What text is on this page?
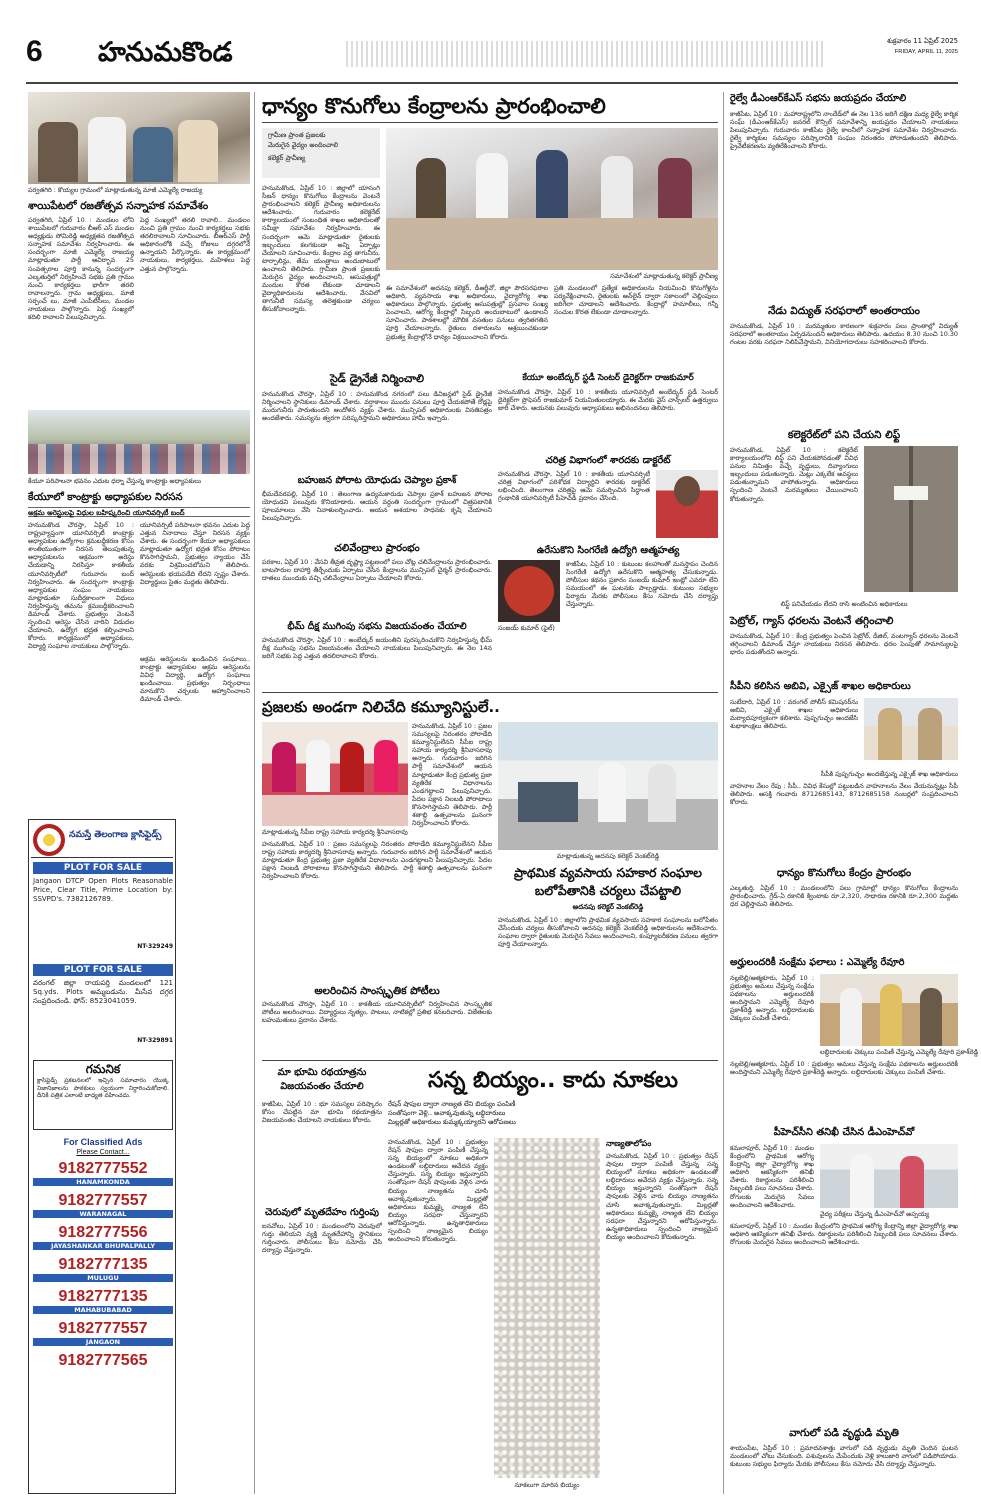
6	హనుమకొండ	శుక్రవారం 11 ఏప్రిల్ 2025
FRIDAY, APRIL 11, 2025
పర్వతగిరి : కొయ్యల గ్రామంలో మాట్లాడుతున్న మాజీ ఎమ్మెల్యే రాజయ్య
శాయిపేటలో రజతోత్సవ సన్నాహక సమావేశం
పర్వతగిరి, ఏప్రిల్ 10 : మండలం లోని శాయిపేటలో గురువారం బీఆర్ ఎస్ మండల అధ్యక్షుడు సోమిరెడ్డి అధ్యక్షతన రజతోత్సవ సన్నాహక సమావేశం నిర్వహించారు. ఈ సందర్భంగా మాజీ ఎమ్మెల్యే రాజయ్య మాట్లాడుతూ పార్టీ ఆవిర్భావ 25 సంవత్సరాల పూర్తి కానున్న సందర్భంగా ఎల్కతుర్తిలో నిర్వహించే సభకు ప్రతి గ్రామం నుంచి కార్యకర్తలు భారీగా తరలి రావాలన్నారు. గ్రామ అధ్యక్షులు, మాజీ సర్పంచ్ లు, మాజీ ఎంపీటీసీలు, మండల నాయకులు పాల్గొన్నారు. పెద్ద సంఖ్యలో కదిలి రావాలని పిలుపునిచ్చారు.
పెద్ద సంఖ్యలో తరలి రావాలి.. మండలం నుంచి ప్రతి గ్రామం నుంచి కార్యకర్తలు సభకు తరలిరావాలని సూచించారు. బీఆర్ఎస్ పార్టీ అధికారంలోకి వచ్చే రోజులు దగ్గరలోనే ఉన్నాయని పేర్కొన్నారు. ఈ కార్యక్రమంలో నాయకులు, కార్యకర్తలు, మహిళలు పెద్ద ఎత్తున పాల్గొన్నారు.
కేయూ పరిపాలనా భవనం ఎదుట ధర్నా చేస్తున్న కాంట్రాక్టు అధ్యాపకులు
కేయూలో కాంట్రాక్టు అధ్యాపకుల నిరసన
అక్రమ అరెస్టులపై విధుల బహిష్కరించి యూనివర్సిటీ బంద్
హనుమకొండ చౌరస్తా, ఏప్రిల్ 10 : రాష్ట్రవ్యాప్తంగా యూనివర్సిటీ కాంట్రాక్టు అధ్యాపకుల ఉద్యోగాల క్రమబద్ధీకరణ కోసం శాంతియుతంగా నిరసన తెలుపుతున్న అధ్యాపకులను అక్రమంగా అరెస్టు చేయడాన్ని నిరసిస్తూ కాకతీయ యూనివర్సిటీలో గురువారం బంద్ నిర్వహించారు. ఈ సందర్భంగా కాంట్రాక్టు అధ్యాపకుల సంఘం నాయకులు మాట్లాడుతూ సుదీర్ఘకాలంగా విధులు నిర్వహిస్తున్న తమను క్రమబద్ధీకరించాలని డిమాండ్ చేశారు. ప్రభుత్వం వెంటనే స్పందించి అరెస్టు చేసిన వారిని విడుదల చేయాలని, ఉద్యోగ భద్రత కల్పించాలని కోరారు. కార్యక్రమంలో అధ్యాపకులు, విద్యార్థి సంఘాల నాయకులు పాల్గొన్నారు.
యూనివర్సిటీ పరిపాలనా భవనం ఎదుట పెద్ద ఎత్తున నినాదాలు చేస్తూ నిరసన వ్యక్తం చేశారు. ఈ సందర్భంగా కేయూ అధ్యాపకులు మాట్లాడుతూ ఉద్యోగ భద్రత కోసం పోరాటం కొనసాగిస్తామని, ప్రభుత్వం న్యాయం చేసే వరకు విశ్రమించబోమని తెలిపారు. అరెస్టులకు భయపడేది లేదని స్పష్టం చేశారు. విద్యార్థులు సైతం మద్దతు తెలిపారు.
అక్రమ అరెస్టులను ఖండించిన సంఘాలు.. కాంట్రాక్టు అధ్యాపకుల అక్రమ అరెస్టులను వివిధ విద్యార్థి, ఉద్యోగ సంఘాలు ఖండించాయి. ప్రభుత్వం నిర్బంధాలు మానుకొని చర్చలకు ఆహ్వానించాలని డిమాండ్ చేశారు.
నమస్తే తెలంగాణ క్లాసిఫైడ్స్
PLOT FOR SALE
Jangaon DTCP Open Plots Reasonable Price, Clear Title, Prime Location by: SSVPD's. 7382126789.
NT-329249
PLOT FOR SALE
వరంగల్ జిల్లా రాయపర్తి మండలంలో 121 Sq.yds. Plots అమ్మబడును. మీసేవ దగ్గర సంప్రదించండి. ఫోన్: 8523041059.
NT-329891
గమనిక
క్లాసిఫైడ్స్ ప్రకటనలలో ఇచ్చిన సమాచారం యొక్క నిజానిజాలను పాఠకులు స్వయంగా నిర్ధారించుకోవాలి. దీనికి పత్రిక ఎలాంటి బాధ్యత వహించదు.
For Classified Ads
Please Contact...
9182777552
HANAMKONDA
9182777557
WARANAGAL
9182777556
JAYASHANKAR BHUPALPALLY
9182777135
MULUGU
9182777135
MAHABUBABAD
9182777557
JANGAON
9182777565
ధాన్యం కొనుగోలు కేంద్రాలను ప్రారంభించాలి
గ్రామీణ ప్రాంత ప్రజలకు
మెరుగైన వైద్యం అందించాలి
కలెక్టర్ ప్రావీణ్య
హనుమకొండ, ఏప్రిల్ 10 : జిల్లాలో యాసంగి సీజన్ ధాన్యం కొనుగోలు కేంద్రాలను వెంటనే ప్రారంభించాలని కలెక్టర్ ప్రావీణ్య అధికారులను ఆదేశించారు. గురువారం కలెక్టరేట్ కార్యాలయంలో సంబంధిత శాఖల అధికారులతో సమీక్షా సమావేశం నిర్వహించారు. ఈ సందర్భంగా ఆమె మాట్లాడుతూ రైతులకు ఇబ్బందులు కలగకుండా అన్ని ఏర్పాట్లు చేయాలని సూచించారు. కేంద్రాల వద్ద తాగునీరు, టార్పాలిన్లు, తేమ యంత్రాలు అందుబాటులో ఉంచాలని తెలిపారు. గ్రామీణ ప్రాంత ప్రజలకు మెరుగైన వైద్యం అందించాలని, ఆసుపత్రుల్లో మందుల కొరత లేకుండా చూడాలని వైద్యాధికారులను ఆదేశించారు. వేసవిలో తాగునీటి సమస్య తలెత్తకుండా చర్యలు తీసుకోవాలన్నారు.
సమావేశంలో మాట్లాడుతున్న కలెక్టర్ ప్రావీణ్య
ఈ సమావేశంలో అదనపు కలెక్టర్, డీఆర్డీవో, జిల్లా పౌరసరఫరాల అధికారి, వ్యవసాయ శాఖ అధికారులు, వైద్యారోగ్య శాఖ అధికారులు పాల్గొన్నారు. ప్రభుత్వ ఆసుపత్రుల్లో ప్రసవాల సంఖ్య పెంచాలని, ఆరోగ్య కేంద్రాల్లో సిబ్బంది అందుబాటులో ఉండాలని సూచించారు. పాఠశాలల్లో మౌలిక వసతుల పనులు త్వరితగతిన పూర్తి చేయాలన్నారు. రైతులు దళారులను ఆశ్రయించకుండా ప్రభుత్వ కేంద్రాల్లోనే ధాన్యం విక్రయించాలని కోరారు.
ప్రతి మండలంలో ప్రత్యేక అధికారులను నియమించి కొనుగోళ్లను పర్యవేక్షించాలని, రైతులకు ఆన్‌లైన్ ద్వారా సకాలంలో చెల్లింపులు జరిగేలా చూడాలని ఆదేశించారు. కేంద్రాల్లో హమాలీలు, గన్నీ సంచుల కొరత లేకుండా చూడాలన్నారు.
సైడ్ డ్రైనేజీ నిర్మించాలి
హనుమకొండ చౌరస్తా, ఏప్రిల్ 10 : హనుమకొండ నగరంలో పలు డివిజన్లలో సైడ్ డ్రైనేజీ నిర్మించాలని స్థానికులు డిమాండ్ చేశారు. వర్షాకాలం ముందు పనులు పూర్తి చేయకపోతే రోడ్లపై మురుగునీరు పారుతుందని ఆందోళన వ్యక్తం చేశారు. మున్సిపల్ అధికారులకు వినతిపత్రం అందజేశారు. సమస్యను త్వరగా పరిష్కరిస్తామని అధికారులు హామీ ఇచ్చారు.
బహుజన పోరాట యోధుడు చెప్యాల ప్రకాశ్
భీమదేవరపల్లి, ఏప్రిల్ 10 : తెలంగాణ ఉద్యమకారుడు చెప్యాల ప్రకాశ్ బహుజన పోరాట యోధుడని పలువురు కొనియాడారు. ఆయన వర్ధంతి సందర్భంగా గ్రామంలో చిత్రపటానికి పూలమాలలు వేసి నివాళులర్పించారు. ఆయన ఆశయాల సాధనకు కృషి చేయాలని పిలుపునిచ్చారు.
చలివేంద్రాలు ప్రారంభం
పరకాల, ఏప్రిల్ 10 : వేసవి తీవ్రత దృష్ట్యా పట్టణంలో పలు చోట్ల చలివేంద్రాలను ప్రారంభించారు. బాటసారుల దాహార్తి తీర్చేందుకు ఏర్పాటు చేసిన కేంద్రాలను మున్సిపల్ చైర్మన్ ప్రారంభించారు. దాతలు ముందుకు వచ్చి చలివేంద్రాలు ఏర్పాటు చేయాలని కోరారు.
భీమ్ దీక్ష ముగింపు సభను విజయవంతం చేయాలి
హనుమకొండ చౌరస్తా, ఏప్రిల్ 10 : అంబేద్కర్ జయంతిని పురస్కరించుకొని నిర్వహిస్తున్న భీమ్ దీక్ష ముగింపు సభను విజయవంతం చేయాలని నాయకులు పిలుపునిచ్చారు. ఈ నెల 14న జరిగే సభకు పెద్ద ఎత్తున తరలిరావాలని కోరారు.
కేయూ అంబేద్కర్ స్టడీ సెంటర్ డైరెక్టర్‌గా రాజకుమార్
హనుమకొండ చౌరస్తా, ఏప్రిల్ 10 : కాకతీయ యూనివర్సిటీ అంబేద్కర్ స్టడీ సెంటర్ డైరెక్టర్‌గా ప్రొఫెసర్ రాజకుమార్ నియమితులయ్యారు. ఈ మేరకు వైస్ చాన్స్‌లర్ ఉత్తర్వులు జారీ చేశారు. ఆయనకు పలువురు అధ్యాపకులు అభినందనలు తెలిపారు.
చరిత్ర విభాగంలో శారదకు డాక్టరేట్
హనుమకొండ చౌరస్తా, ఏప్రిల్ 10 : కాకతీయ యూనివర్సిటీ చరిత్ర విభాగంలో పరిశోధక విద్యార్థిని శారదకు డాక్టరేట్ లభించింది. తెలంగాణ చరిత్రపై ఆమె సమర్పించిన సిద్ధాంత గ్రంథానికి యూనివర్సిటీ పీహెచ్‌డీ ప్రదానం చేసింది.
ఉరేసుకొని సింగరేణి ఉద్యోగి ఆత్మహత్య
సంజయ్ కుమార్ (ఫైల్)
కాజీపేట, ఏప్రిల్ 10 : కుటుంబ కలహాలతో మనస్తాపం చెందిన సింగరేణి ఉద్యోగి ఉరేసుకొని ఆత్మహత్య చేసుకున్నాడు. పోలీసుల కథనం ప్రకారం సంజయ్ కుమార్ ఇంట్లో ఎవరూ లేని సమయంలో ఈ ఘటనకు పాల్పడ్డాడు. కుటుంబ సభ్యుల ఫిర్యాదు మేరకు పోలీసులు కేసు నమోదు చేసి దర్యాప్తు చేస్తున్నారు.
ప్రజలకు అండగా నిలిచేది కమ్యూనిస్టులే..
మాట్లాడుతున్న సీపీఐ రాష్ట్ర సహాయ కార్యదర్శి శ్రీనివాసరావు
హనుమకొండ, ఏప్రిల్ 10 : ప్రజల సమస్యలపై నిరంతరం పోరాడేది కమ్యూనిస్టులేనని సీపీఐ రాష్ట్ర సహాయ కార్యదర్శి శ్రీనివాసరావు అన్నారు. గురువారం జరిగిన పార్టీ సమావేశంలో ఆయన మాట్లాడుతూ కేంద్ర ప్రభుత్వ ప్రజా వ్యతిరేక విధానాలను ఎండగట్టాలని పిలుపునిచ్చారు. పేదల పక్షాన నిలబడి పోరాటాలు కొనసాగిస్తామని తెలిపారు. పార్టీ శతాబ్ది ఉత్సవాలను ఘనంగా నిర్వహించాలని కోరారు.
హనుమకొండ, ఏప్రిల్ 10 : ప్రజల సమస్యలపై నిరంతరం పోరాడేది కమ్యూనిస్టులేనని సీపీఐ రాష్ట్ర సహాయ కార్యదర్శి శ్రీనివాసరావు అన్నారు. గురువారం జరిగిన పార్టీ సమావేశంలో ఆయన మాట్లాడుతూ కేంద్ర ప్రభుత్వ ప్రజా వ్యతిరేక విధానాలను ఎండగట్టాలని పిలుపునిచ్చారు. పేదల పక్షాన నిలబడి పోరాటాలు కొనసాగిస్తామని తెలిపారు. పార్టీ శతాబ్ది ఉత్సవాలను ఘనంగా నిర్వహించాలని కోరారు.
అలరించిన సాంస్కృతిక పోటీలు
హనుమకొండ చౌరస్తా, ఏప్రిల్ 10 : కాకతీయ యూనివర్సిటీలో నిర్వహించిన సాంస్కృతిక పోటీలు అలరించాయి. విద్యార్థులు నృత్యం, పాటలు, నాటికల్లో ప్రతిభ కనబరిచారు. విజేతలకు బహుమతులు ప్రదానం చేశారు.
మాట్లాడుతున్న అదనపు కలెక్టర్ వెంకట్‌రెడ్డి
ప్రాథమిక వ్యవసాయ సహకార సంఘాల బలోపేతానికి చర్యలు చేపట్టాలి
అదనపు కలెక్టర్ వెంకట్‌రెడ్డి
హనుమకొండ, ఏప్రిల్ 10 : జిల్లాలోని ప్రాథమిక వ్యవసాయ సహకార సంఘాలను బలోపేతం చేసేందుకు చర్యలు తీసుకోవాలని అదనపు కలెక్టర్ వెంకట్‌రెడ్డి అధికారులను ఆదేశించారు. సంఘాల ద్వారా రైతులకు మెరుగైన సేవలు అందించాలని, కంప్యూటరీకరణ పనులు త్వరగా పూర్తి చేయాలన్నారు.
మా భూమి రథయాత్రను విజయవంతం చేయాలి
కాజీపేట, ఏప్రిల్ 10 : భూ సమస్యల పరిష్కారం కోసం చేపట్టిన మా భూమి రథయాత్రను విజయవంతం చేయాలని నాయకులు కోరారు.
చెరువులో మృతదేహం గుర్తింపు
ఐనవోలు, ఏప్రిల్ 10 : మండలంలోని చెరువులో గుర్తు తెలియని వ్యక్తి మృతదేహాన్ని స్థానికులు గుర్తించారు. పోలీసులు కేసు నమోదు చేసి దర్యాప్తు చేస్తున్నారు.
సన్న బియ్యం.. కాదు నూకలు
రేషన్ షాపుల ద్వారా నాణ్యత లేని బియ్యం పంపిణీ
సంతోషంగా వెళ్లి.. అవాక్కవుతున్న లబ్ధిదారులు
మిల్లర్లతో అధికారులు కుమ్మక్కయ్యారని ఆరోపణలు
హనుమకొండ, ఏప్రిల్ 10 : ప్రభుత్వం రేషన్ షాపుల ద్వారా పంపిణీ చేస్తున్న సన్న బియ్యంలో నూకలు అధికంగా ఉండటంతో లబ్ధిదారులు ఆవేదన వ్యక్తం చేస్తున్నారు. సన్న బియ్యం ఇస్తున్నారని సంతోషంగా రేషన్ షాపులకు వెళ్లిన వారు బియ్యం నాణ్యతను చూసి అవాక్కవుతున్నారు. మిల్లర్లతో అధికారులు కుమ్మక్కై నాణ్యత లేని బియ్యం సరఫరా చేస్తున్నారని ఆరోపిస్తున్నారు. ఉన్నతాధికారులు స్పందించి నాణ్యమైన బియ్యం అందించాలని కోరుతున్నారు.
నూకలుగా మారిన బియ్యం
నాణ్యతాలోపం
హనుమకొండ, ఏప్రిల్ 10 : ప్రభుత్వం రేషన్ షాపుల ద్వారా పంపిణీ చేస్తున్న సన్న బియ్యంలో నూకలు అధికంగా ఉండటంతో లబ్ధిదారులు ఆవేదన వ్యక్తం చేస్తున్నారు. సన్న బియ్యం ఇస్తున్నారని సంతోషంగా రేషన్ షాపులకు వెళ్లిన వారు బియ్యం నాణ్యతను చూసి అవాక్కవుతున్నారు. మిల్లర్లతో అధికారులు కుమ్మక్కై నాణ్యత లేని బియ్యం సరఫరా చేస్తున్నారని ఆరోపిస్తున్నారు. ఉన్నతాధికారులు స్పందించి నాణ్యమైన బియ్యం అందించాలని కోరుతున్నారు.
రైల్వే డీఎంఆర్‌కేఎస్ సభను జయప్రదం చేయాలి
కాజీపేట, ఏప్రిల్ 10 : మహారాష్ట్రలోని నాందేడ్‌లో ఈ నెల 13న జరిగే దక్షిణ మధ్య రైల్వే కార్మిక సంఘ్ (డీఎంఆర్‌కేఎస్) జనరల్ కౌన్సిల్ సమావేశాన్ని జయప్రదం చేయాలని నాయకులు పిలుపునిచ్చారు. గురువారం కాజీపేట రైల్వే కాలనీలో సన్నాహక సమావేశం నిర్వహించారు. రైల్వే కార్మికుల సమస్యల పరిష్కారానికి సంఘం నిరంతరం పోరాడుతుందని తెలిపారు. ప్రైవేటీకరణను వ్యతిరేకించాలని కోరారు.
నేడు విద్యుత్ సరఫరాలో అంతరాయం
హనుమకొండ, ఏప్రిల్ 10 : మరమ్మతుల కారణంగా శుక్రవారం పలు ప్రాంతాల్లో విద్యుత్ సరఫరాలో అంతరాయం ఏర్పడనుందని అధికారులు తెలిపారు. ఉదయం 8.30 నుంచి 10.30 గంటల వరకు సరఫరా నిలిపివేస్తామని, వినియోగదారులు సహకరించాలని కోరారు.
కలెక్టరేట్‌లో పని చేయని లిఫ్ట్
హనుమకొండ, ఏప్రిల్ 10 : కలెక్టరేట్ కార్యాలయంలోని లిఫ్ట్ పని చేయకపోవడంతో వివిధ పనుల నిమిత్తం వచ్చే వృద్ధులు, దివ్యాంగులు ఇబ్బందులు పడుతున్నారు. మెట్లు ఎక్కలేక అవస్థలు పడుతున్నామని వాపోతున్నారు. అధికారులు స్పందించి వెంటనే మరమ్మతులు చేయించాలని కోరుతున్నారు.
లిఫ్ట్ పనిచేయడం లేదని రాసి అంటించిన అధికారులు
పెట్రోల్, గ్యాస్ ధరలను వెంటనే తగ్గించాలి
హనుమకొండ, ఏప్రిల్ 10 : కేంద్ర ప్రభుత్వం పెంచిన పెట్రోల్, డీజిల్, వంటగ్యాస్ ధరలను వెంటనే తగ్గించాలని డిమాండ్ చేస్తూ నాయకులు నిరసన తెలిపారు. ధరల పెంపుతో సామాన్యులపై భారం పడుతోందని అన్నారు.
సీపీని కలిసిన అబివి, ఎక్సైజ్ శాఖల అధికారులు
సుబేదారి, ఏప్రిల్ 10 : వరంగల్ పోలీస్ కమిషనర్‌ను అబివి, ఎక్సైజ్ శాఖల అధికారులు మర్యాదపూర్వకంగా కలిశారు. పుష్పగుచ్ఛం అందజేసి శుభాకాంక్షలు తెలిపారు.
సీపీకి పుష్పగుచ్ఛం అందజేస్తున్న ఎక్సైజ్ శాఖ అధికారులు
వాహనాల వేలం రేపు : సీపీ.. వివిధ కేసుల్లో పట్టుబడిన వాహనాలను వేలం వేయనున్నట్లు సీపీ తెలిపారు. ఆసక్తి గలవారు 8712685143, 8712685158 నంబర్లలో సంప్రదించాలని కోరారు.
ధాన్యం కొనుగోలు కేంద్రం ప్రారంభం
ఎల్కతుర్తి, ఏప్రిల్ 10 : మండలంలోని పలు గ్రామాల్లో ధాన్యం కొనుగోలు కేంద్రాలను ప్రారంభించారు. గ్రేడ్-ఏ రకానికి క్వింటాకు రూ.2,320, సాధారణ రకానికి రూ.2,300 మద్దతు ధర చెల్లిస్తామని తెలిపారు.
అర్హులందరికీ సంక్షేమ ఫలాలు : ఎమ్మెల్యే రేవూరి
నల్లబెల్లి/ఆత్మకూరు, ఏప్రిల్ 10 : ప్రభుత్వం అమలు చేస్తున్న సంక్షేమ పథకాలను అర్హులందరికీ అందిస్తామని ఎమ్మెల్యే రేవూరి ప్రకాశ్‌రెడ్డి అన్నారు. లబ్ధిదారులకు చెక్కులు పంపిణీ చేశారు.
లబ్ధిదారులకు చెక్కులు పంపిణీ చేస్తున్న ఎమ్మెల్యే రేవూరి ప్రకాశ్‌రెడ్డి
నల్లబెల్లి/ఆత్మకూరు, ఏప్రిల్ 10 : ప్రభుత్వం అమలు చేస్తున్న సంక్షేమ పథకాలను అర్హులందరికీ అందిస్తామని ఎమ్మెల్యే రేవూరి ప్రకాశ్‌రెడ్డి అన్నారు. లబ్ధిదారులకు చెక్కులు పంపిణీ చేశారు.
పీహెచ్‌సీని తనిఖీ చేసిన డీఎంహెచ్‌వో
కమలాపూర్, ఏప్రిల్ 10 : మండల కేంద్రంలోని ప్రాథమిక ఆరోగ్య కేంద్రాన్ని జిల్లా వైద్యారోగ్య శాఖ అధికారి ఆకస్మికంగా తనిఖీ చేశారు. రికార్డులను పరిశీలించి సిబ్బందికి పలు సూచనలు చేశారు. రోగులకు మెరుగైన సేవలు అందించాలని ఆదేశించారు.
వైద్య పరీక్షలు చేస్తున్న డీఎంహెచ్‌వో అప్పయ్య
కమలాపూర్, ఏప్రిల్ 10 : మండల కేంద్రంలోని ప్రాథమిక ఆరోగ్య కేంద్రాన్ని జిల్లా వైద్యారోగ్య శాఖ అధికారి ఆకస్మికంగా తనిఖీ చేశారు. రికార్డులను పరిశీలించి సిబ్బందికి పలు సూచనలు చేశారు. రోగులకు మెరుగైన సేవలు అందించాలని ఆదేశించారు.
వాగులో పడి వృద్ధుడి మృతి
శాయంపేట, ఏప్రిల్ 10 : ప్రమాదవశాత్తు వాగులో పడి వృద్ధుడు మృతి చెందిన ఘటన మండలంలో చోటు చేసుకుంది. పశువులను మేపేందుకు వెళ్లి కాలుజారి వాగులో పడిపోయాడు. కుటుంబ సభ్యుల ఫిర్యాదు మేరకు పోలీసులు కేసు నమోదు చేసి దర్యాప్తు చేస్తున్నారు.
